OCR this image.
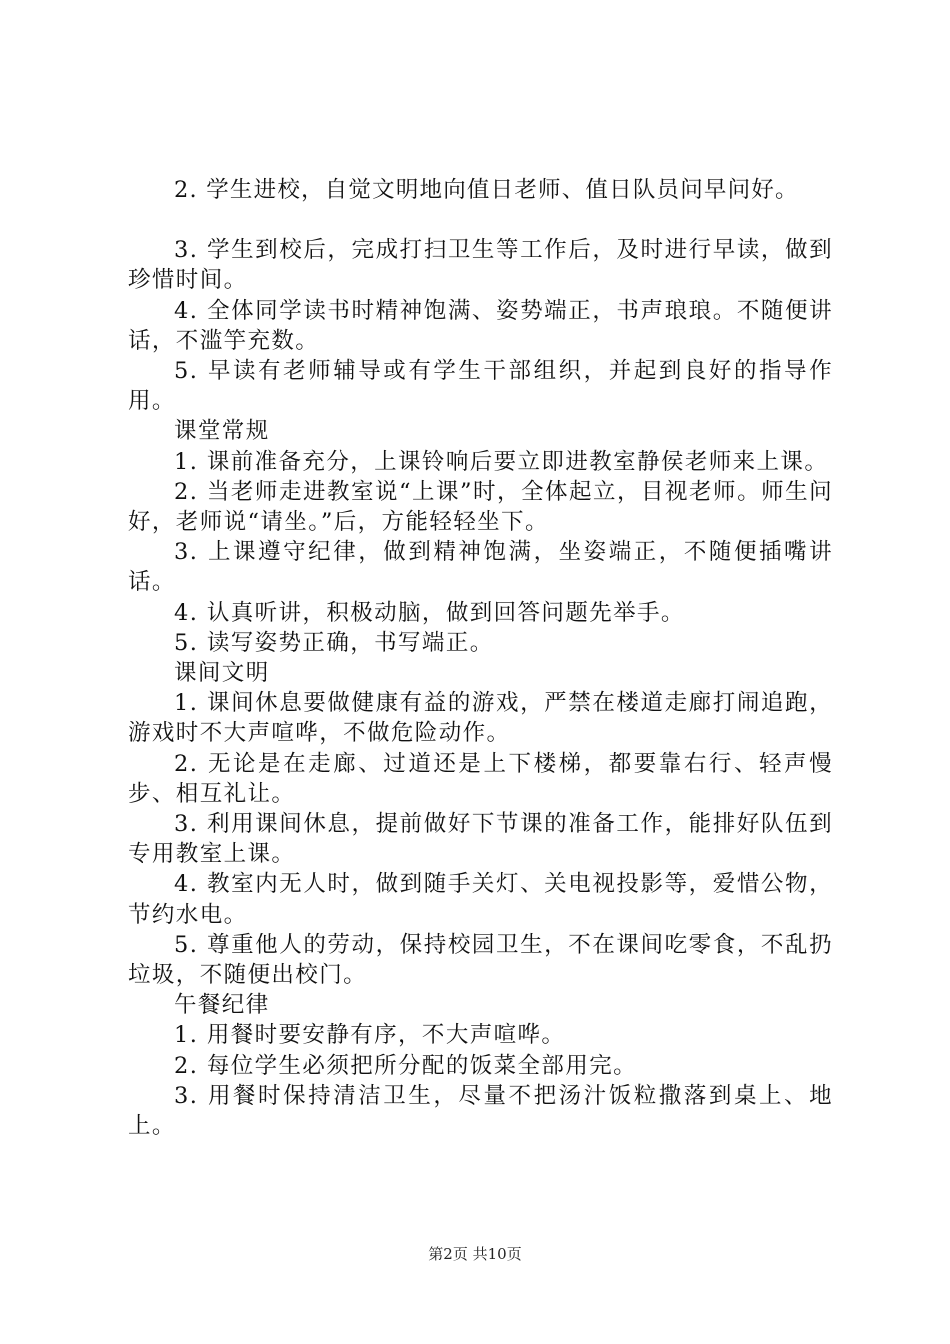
2. 学生进校，自觉文明地向值日老师、值日队员问早问好。

3. 学生到校后，完成打扫卫生等工作后，及时进行早读，做到珍惜时间。

4. 全体同学读书时精神饱满、姿势端正，书声琅琅。不随便讲话，不滥竽充数。

5. 早读有老师辅导或有学生干部组织，并起到良好的指导作用。

课堂常规

1. 课前准备充分，上课铃响后要立即进教室静侯老师来上课。

2. 当老师走进教室说“上课”时，全体起立，目视老师。师生问好，老师说“请坐。”后，方能轻轻坐下。

3. 上课遵守纪律，做到精神饱满，坐姿端正，不随便插嘴讲话。

4. 认真听讲，积极动脑，做到回答问题先举手。

5. 读写姿势正确，书写端正。

课间文明

1. 课间休息要做健康有益的游戏，严禁在楼道走廊打闹追跑，游戏时不大声喧哗，不做危险动作。

2. 无论是在走廊、过道还是上下楼梯，都要靠右行、轻声慢步、相互礼让。

3. 利用课间休息，提前做好下节课的准备工作，能排好队伍到专用教室上课。

4. 教室内无人时，做到随手关灯、关电视投影等，爱惜公物，节约水电。

5. 尊重他人的劳动，保持校园卫生，不在课间吃零食，不乱扔垃圾，不随便出校门。

午餐纪律

1. 用餐时要安静有序，不大声喧哗。

2. 每位学生必须把所分配的饭菜全部用完。

3. 用餐时保持清洁卫生，尽量不把汤汁饭粒撒落到桌上、地上。

第2页 共10页
